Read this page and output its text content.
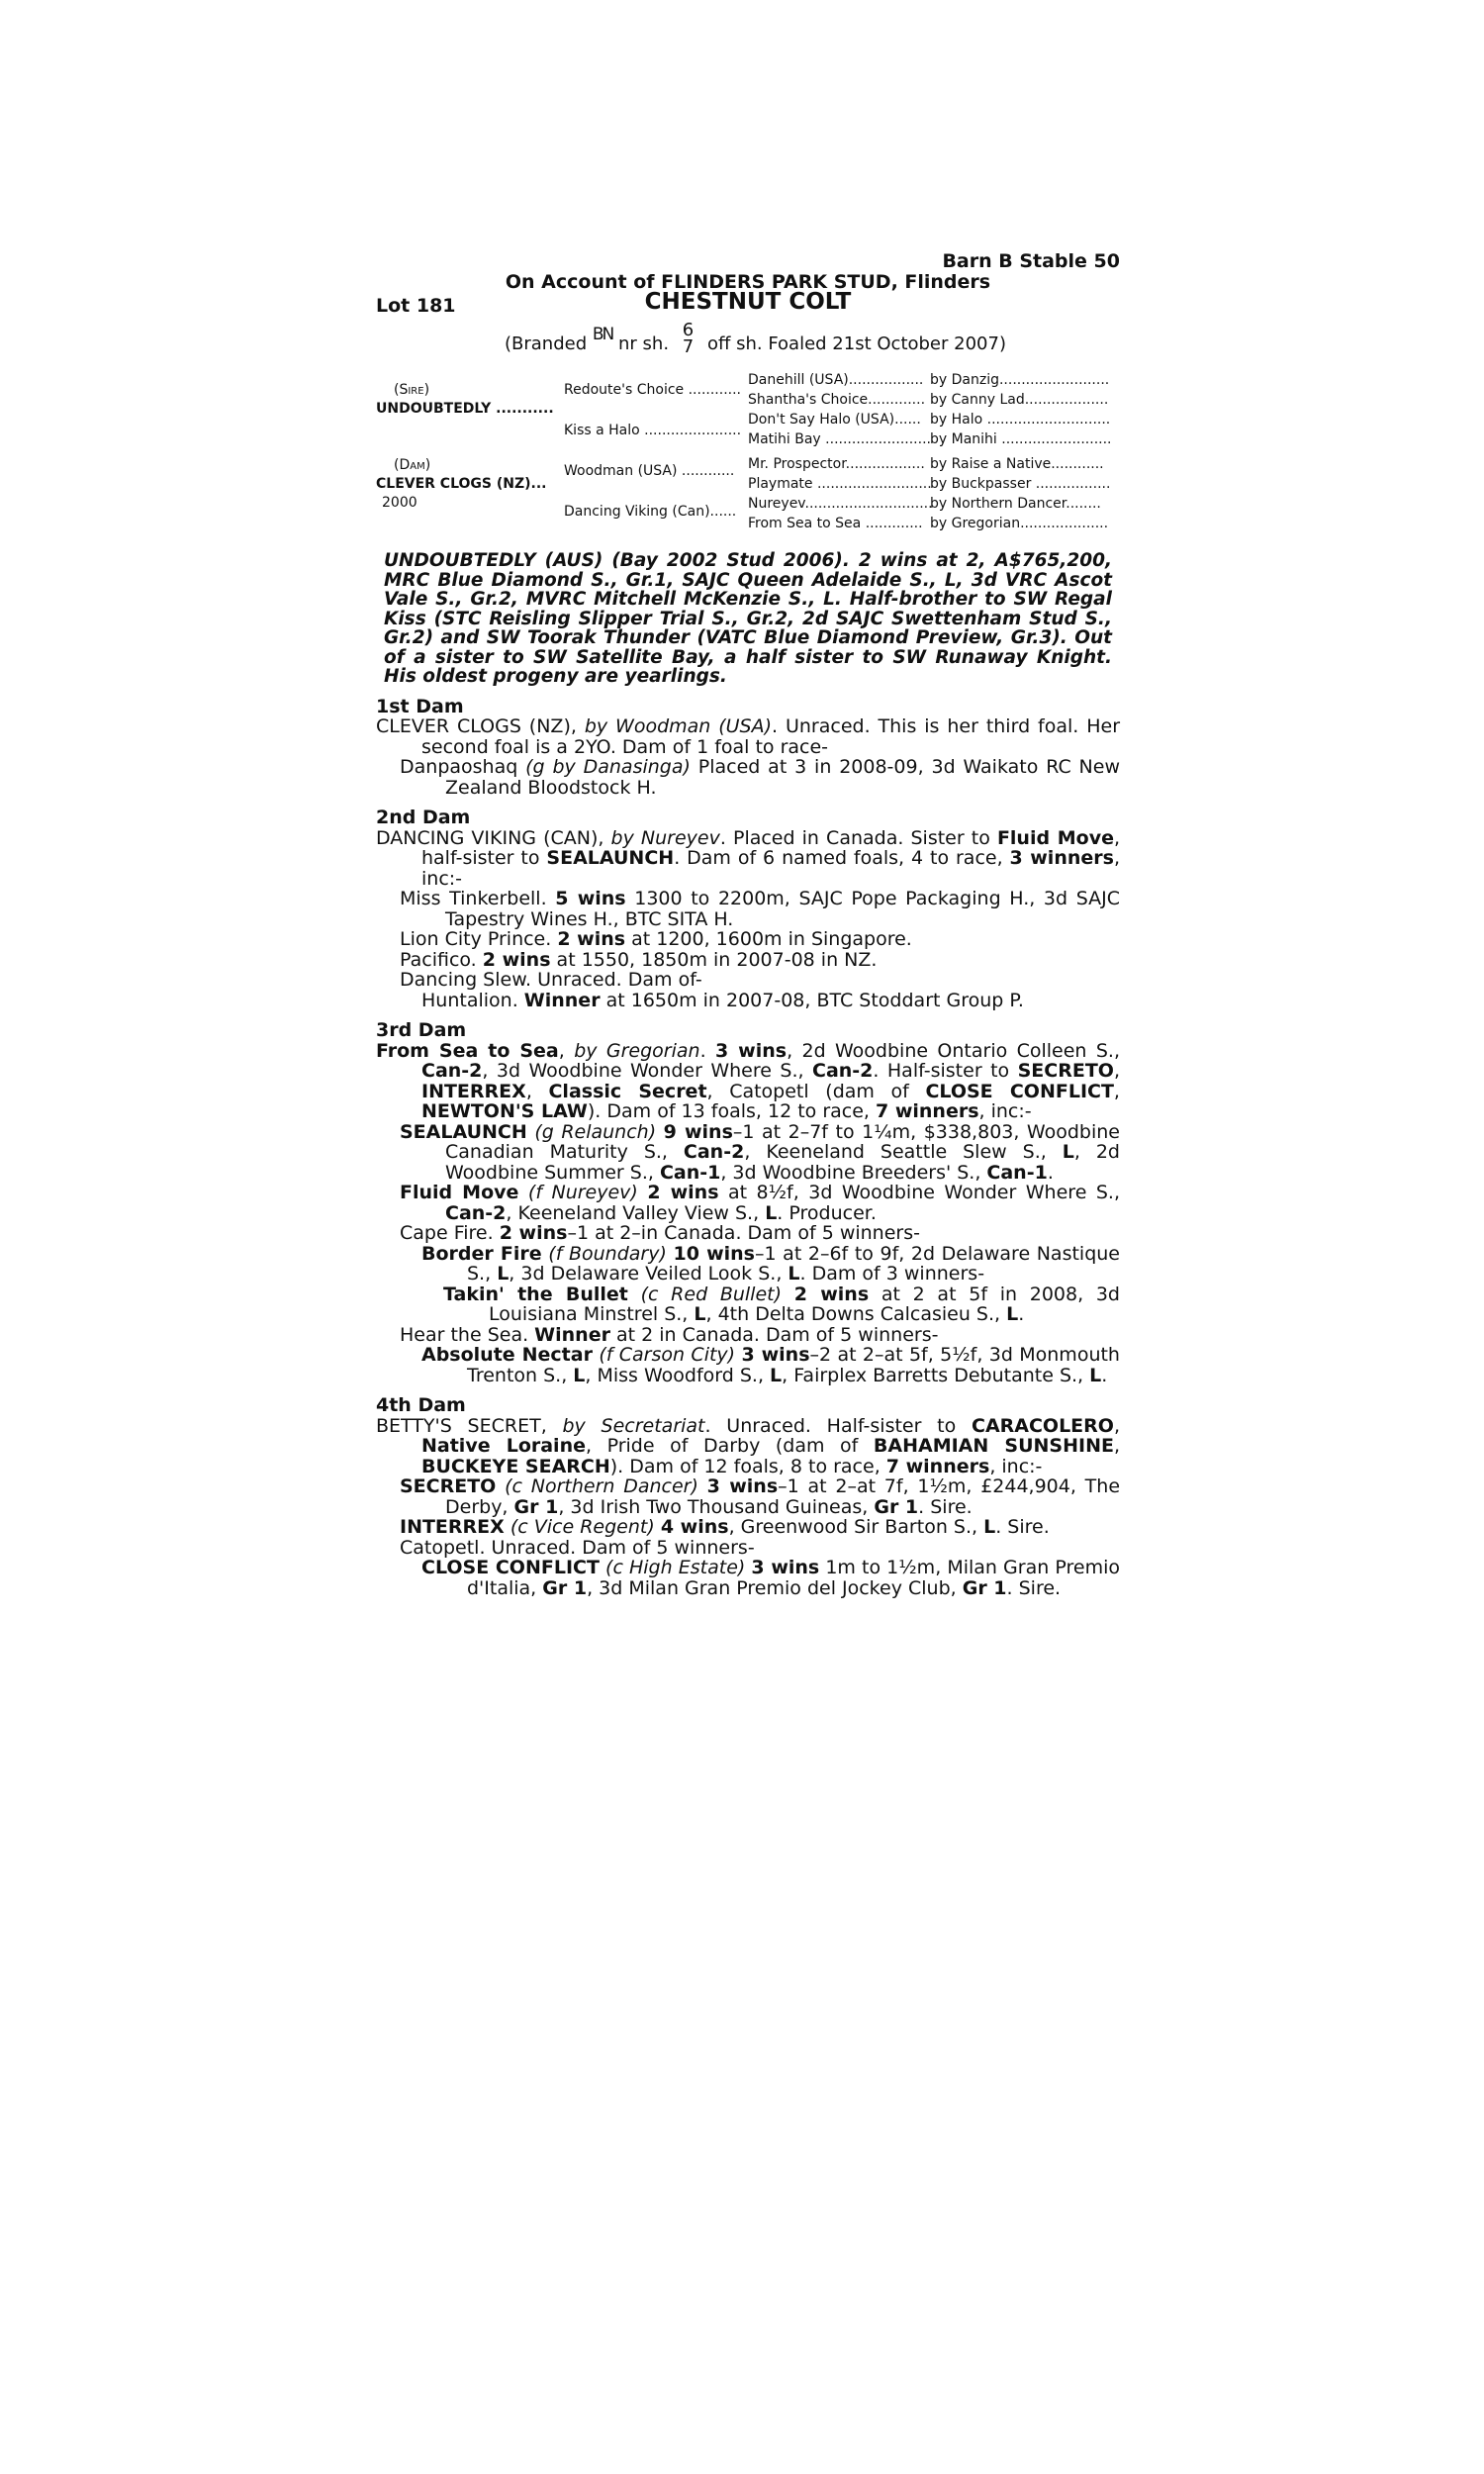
Barn B Stable 50
On Account of FLINDERS PARK STUD, Flinders
Lot 181	CHESTNUT COLT
(Branded BN nr sh.
6
7 off sh. Foaled 21st October 2007)
(Sire)
UNDOUBTEDLY ...........
(Dam)
CLEVER CLOGS (NZ)...
2000
Redoute's Choice ............
Kiss a Halo ......................
Woodman (USA) ............
Dancing Viking (Can)......
Danehill (USA).................
Shantha's Choice.............
Don't Say Halo (USA)......
Matihi Bay ........................
Mr. Prospector..................
Playmate ..........................
Nureyev.............................
From Sea to Sea .............
by Danzig.........................
by Canny Lad...................
by Halo ............................
by Manihi .........................
by Raise a Native............
by Buckpasser .................
by Northern Dancer........
by Gregorian....................

UNDOUBTEDLY (AUS) (Bay 2002 Stud 2006). 2 wins at 2, A$765,200, MRC Blue Diamond S., Gr.1, SAJC Queen Adelaide S., L, 3d VRC Ascot Vale S., Gr.2, MVRC Mitchell McKenzie S., L. Half-brother to SW Regal Kiss (STC Reisling Slipper Trial S., Gr.2, 2d SAJC Swettenham Stud S., Gr.2) and SW Toorak Thunder (VATC Blue Diamond Preview, Gr.3). Out of a sister to SW Satellite Bay, a half sister to SW Runaway Knight. His oldest progeny are yearlings.

1st Dam

CLEVER CLOGS (NZ), by Woodman (USA). Unraced. This is her third foal. Her second foal is a 2YO. Dam of 1 foal to race-

Danpaoshaq (g by Danasinga) Placed at 3 in 2008-09, 3d Waikato RC New Zealand Bloodstock H.

2nd Dam

DANCING VIKING (CAN), by Nureyev. Placed in Canada. Sister to Fluid Move, half-sister to SEALAUNCH. Dam of 6 named foals, 4 to race, 3 winners, inc:-

Miss Tinkerbell. 5 wins 1300 to 2200m, SAJC Pope Packaging H., 3d SAJC Tapestry Wines H., BTC SITA H.

Lion City Prince. 2 wins at 1200, 1600m in Singapore.

Pacifico. 2 wins at 1550, 1850m in 2007-08 in NZ.

Dancing Slew. Unraced. Dam of-

Huntalion. Winner at 1650m in 2007-08, BTC Stoddart Group P.

3rd Dam

From Sea to Sea, by Gregorian. 3 wins, 2d Woodbine Ontario Colleen S., Can-2, 3d Woodbine Wonder Where S., Can-2. Half-sister to SECRETO, INTERREX, Classic Secret, Catopetl (dam of CLOSE CONFLICT, NEWTON'S LAW). Dam of 13 foals, 12 to race, 7 winners, inc:-

SEALAUNCH (g Relaunch) 9 wins–1 at 2–7f to 1¼m, $338,803, Woodbine Canadian Maturity S., Can-2, Keeneland Seattle Slew S., L, 2d Woodbine Summer S., Can-1, 3d Woodbine Breeders' S., Can-1.

Fluid Move (f Nureyev) 2 wins at 8½f, 3d Woodbine Wonder Where S., Can-2, Keeneland Valley View S., L. Producer.

Cape Fire. 2 wins–1 at 2–in Canada. Dam of 5 winners-

Border Fire (f Boundary) 10 wins–1 at 2–6f to 9f, 2d Delaware Nastique S., L, 3d Delaware Veiled Look S., L. Dam of 3 winners-

Takin' the Bullet (c Red Bullet) 2 wins at 2 at 5f in 2008, 3d Louisiana Minstrel S., L, 4th Delta Downs Calcasieu S., L.

Hear the Sea. Winner at 2 in Canada. Dam of 5 winners-

Absolute Nectar (f Carson City) 3 wins–2 at 2–at 5f, 5½f, 3d Monmouth Trenton S., L, Miss Woodford S., L, Fairplex Barretts Debutante S., L.

4th Dam

BETTY'S SECRET, by Secretariat. Unraced. Half-sister to CARACOLERO, Native Loraine, Pride of Darby (dam of BAHAMIAN SUNSHINE, BUCKEYE SEARCH). Dam of 12 foals, 8 to race, 7 winners, inc:-

SECRETO (c Northern Dancer) 3 wins–1 at 2–at 7f, 1½m, £244,904, The Derby, Gr 1, 3d Irish Two Thousand Guineas, Gr 1. Sire.

INTERREX (c Vice Regent) 4 wins, Greenwood Sir Barton S., L. Sire.

Catopetl. Unraced. Dam of 5 winners-

CLOSE CONFLICT (c High Estate) 3 wins 1m to 1½m, Milan Gran Premio d'Italia, Gr 1, 3d Milan Gran Premio del Jockey Club, Gr 1. Sire.
